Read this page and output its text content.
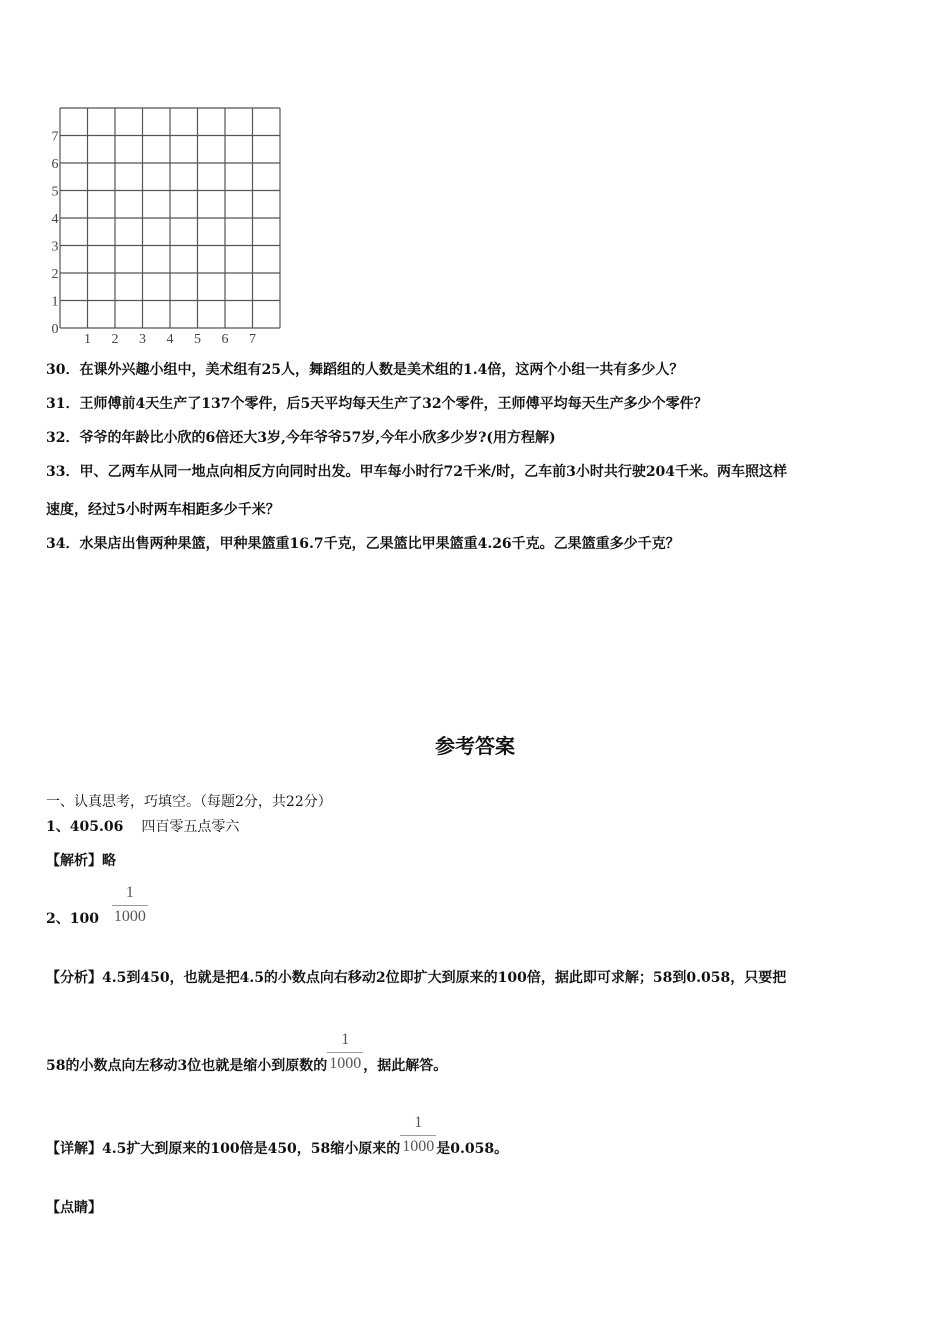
1 2 3 4 5 6 7
0
1
2
3
4
5
6
7
30．在课外兴趣小组中，美术组有25人，舞蹈组的人数是美术组的1.4倍，这两个小组一共有多少人？
31．王师傅前4天生产了137个零件，后5天平均每天生产了32个零件，王师傅平均每天生产多少个零件？
32．爷爷的年龄比小欣的6倍还大3岁,今年爷爷57岁,今年小欣多少岁?(用方程解)
33．甲、乙两车从同一地点向相反方向同时出发。甲车每小时行72千米/时，乙车前3小时共行驶204千米。两车照这样
速度，经过5小时两车相距多少千米？
34．水果店出售两种果篮，甲种果篮重16.7千克，乙果篮比甲果篮重4.26千克。乙果篮重多少千克？
参考答案
一、认真思考，巧填空。（每题2分，共22分）
1、405.06 四百零五点零六
【解析】略
2、$100 \frac{1}{1000}$
【分析】4.5到450，也就是把4.5的小数点向右移动2位即扩大到原来的100倍，据此即可求解；58到0.058，只要把
58的小数点向左移动3位也就是缩小到原数的 $\frac{1}{1000}$ ，据此解答。
【详解】4.5扩大到原来的100倍是450，58缩小原来的 $\frac{1}{1000}$ 是0.058。
【点睛】
